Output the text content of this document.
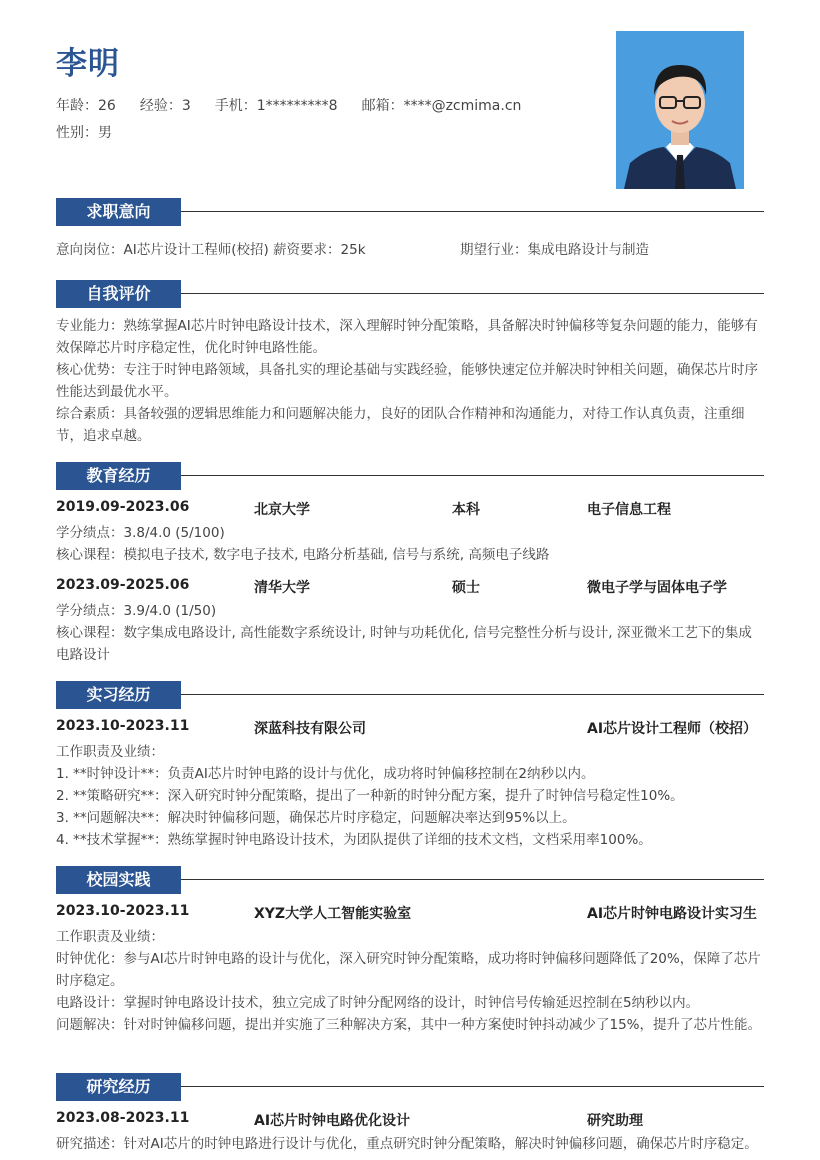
李明
年龄：26 经验：3 手机：1*********8 邮箱：****@zcmima.cn
性别：男
求职意向
意向岗位：AI芯片设计工程师(校招) 薪资要求：25k	期望行业：集成电路设计与制造
自我评价
专业能力：熟练掌握AI芯片时钟电路设计技术，深入理解时钟分配策略，具备解决时钟偏移等复杂问题的能力，能够有效保障芯片时序稳定性，优化时钟电路性能。
核心优势：专注于时钟电路领域，具备扎实的理论基础与实践经验，能够快速定位并解决时钟相关问题，确保芯片时序性能达到最优水平。
综合素质：具备较强的逻辑思维能力和问题解决能力，良好的团队合作精神和沟通能力，对待工作认真负责，注重细节，追求卓越。
教育经历
2019.09-2023.06	北京大学	本科	电子信息工程
学分绩点：3.8/4.0 (5/100)
核心课程：模拟电子技术, 数字电子技术, 电路分析基础, 信号与系统, 高频电子线路
2023.09-2025.06	清华大学	硕士	微电子学与固体电子学
学分绩点：3.9/4.0 (1/50)
核心课程：数字集成电路设计, 高性能数字系统设计, 时钟与功耗优化, 信号完整性分析与设计, 深亚微米工艺下的集成电路设计
实习经历
2023.10-2023.11	深蓝科技有限公司	AI芯片设计工程师（校招）
工作职责及业绩：
1. **时钟设计**：负责AI芯片时钟电路的设计与优化，成功将时钟偏移控制在2纳秒以内。
2. **策略研究**：深入研究时钟分配策略，提出了一种新的时钟分配方案，提升了时钟信号稳定性10%。
3. **问题解决**：解决时钟偏移问题，确保芯片时序稳定，问题解决率达到95%以上。
4. **技术掌握**：熟练掌握时钟电路设计技术，为团队提供了详细的技术文档，文档采用率100%。
校园实践
2023.10-2023.11	XYZ大学人工智能实验室	AI芯片时钟电路设计实习生
工作职责及业绩：
时钟优化：参与AI芯片时钟电路的设计与优化，深入研究时钟分配策略，成功将时钟偏移问题降低了20%，保障了芯片时序稳定。
电路设计：掌握时钟电路设计技术，独立完成了时钟分配网络的设计，时钟信号传输延迟控制在5纳秒以内。
问题解决：针对时钟偏移问题，提出并实施了三种解决方案，其中一种方案使时钟抖动减少了15%，提升了芯片性能。
研究经历
2023.08-2023.11	AI芯片时钟电路优化设计	研究助理
研究描述：针对AI芯片的时钟电路进行设计与优化，重点研究时钟分配策略，解决时钟偏移问题，确保芯片时序稳定。
